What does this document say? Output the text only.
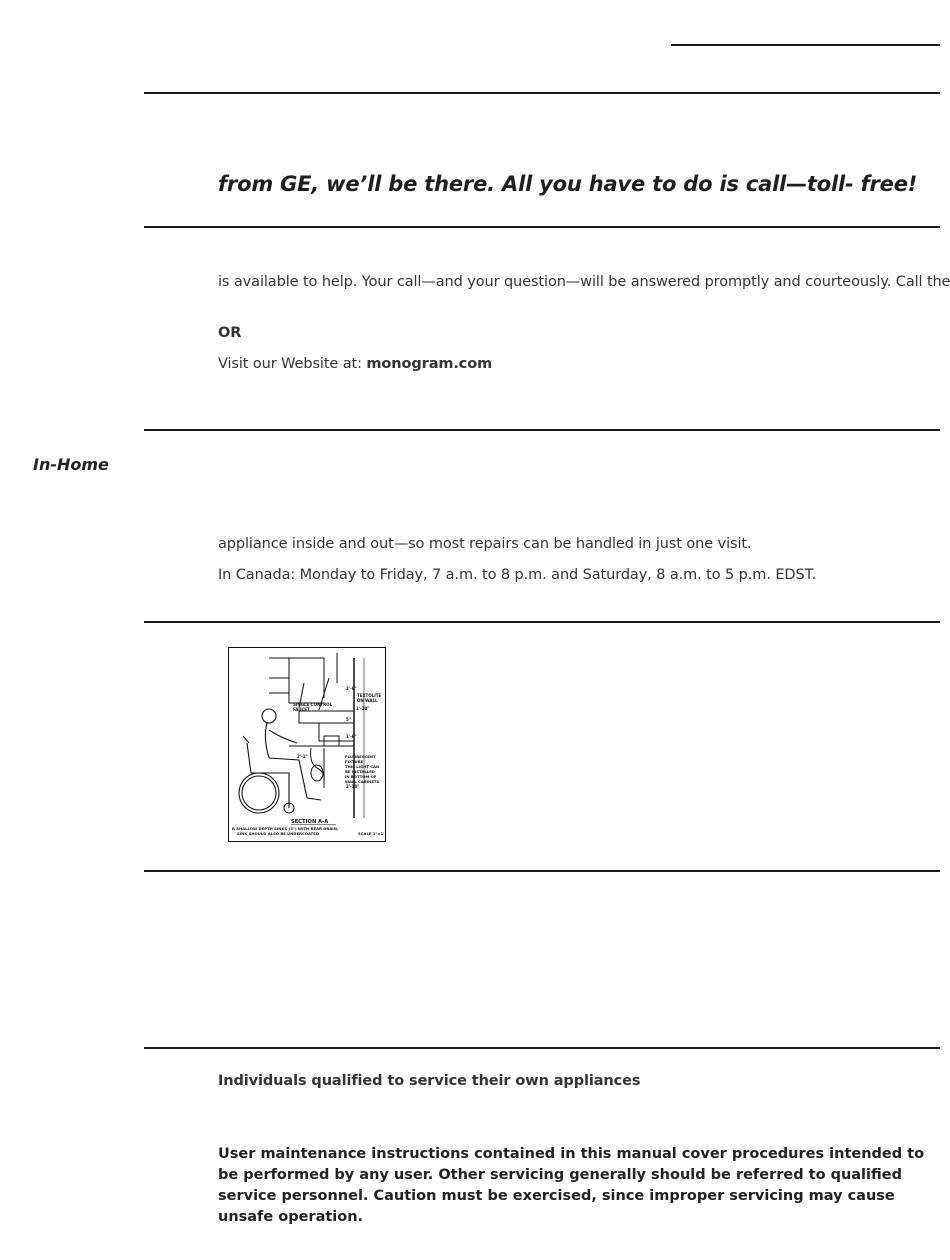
from GE, we’ll be there. All you have to do is call—toll- free!
is available to help. Your call—and your question—will be answered promptly and courteously. Call the
OR
Visit our Website at: monogram.com
In-Home
appliance inside and out—so most repairs can be handled in just one visit.
In Canada: Monday to Friday, 7 a.m. to 8 p.m. and Saturday, 8 a.m. to 5 p.m. EDST.
2'-6"
1'-10"
5"
1'-6"
2'-10"
2'-1"
SINGLE CONTROL
FAUCET
TEXTOLITE
ON WALL
FLUORESCENT
FIXTURE
THIS LIGHT CAN
BE INSTALLED
IN BOTTOM OF
WALL CABINETS
SECTION A-A
R SHALLOW DEPTH SINKS (5") WITH REAR DRAIN,
SINK SHOULD ALSO BE UNDERCOATED	SCALE 1"=1'
Individuals qualified to service their own appliances
User maintenance instructions contained in this manual cover procedures intended to be performed by any user. Other servicing generally should be referred to qualified service personnel. Caution must be exercised, since improper servicing may cause unsafe operation.
